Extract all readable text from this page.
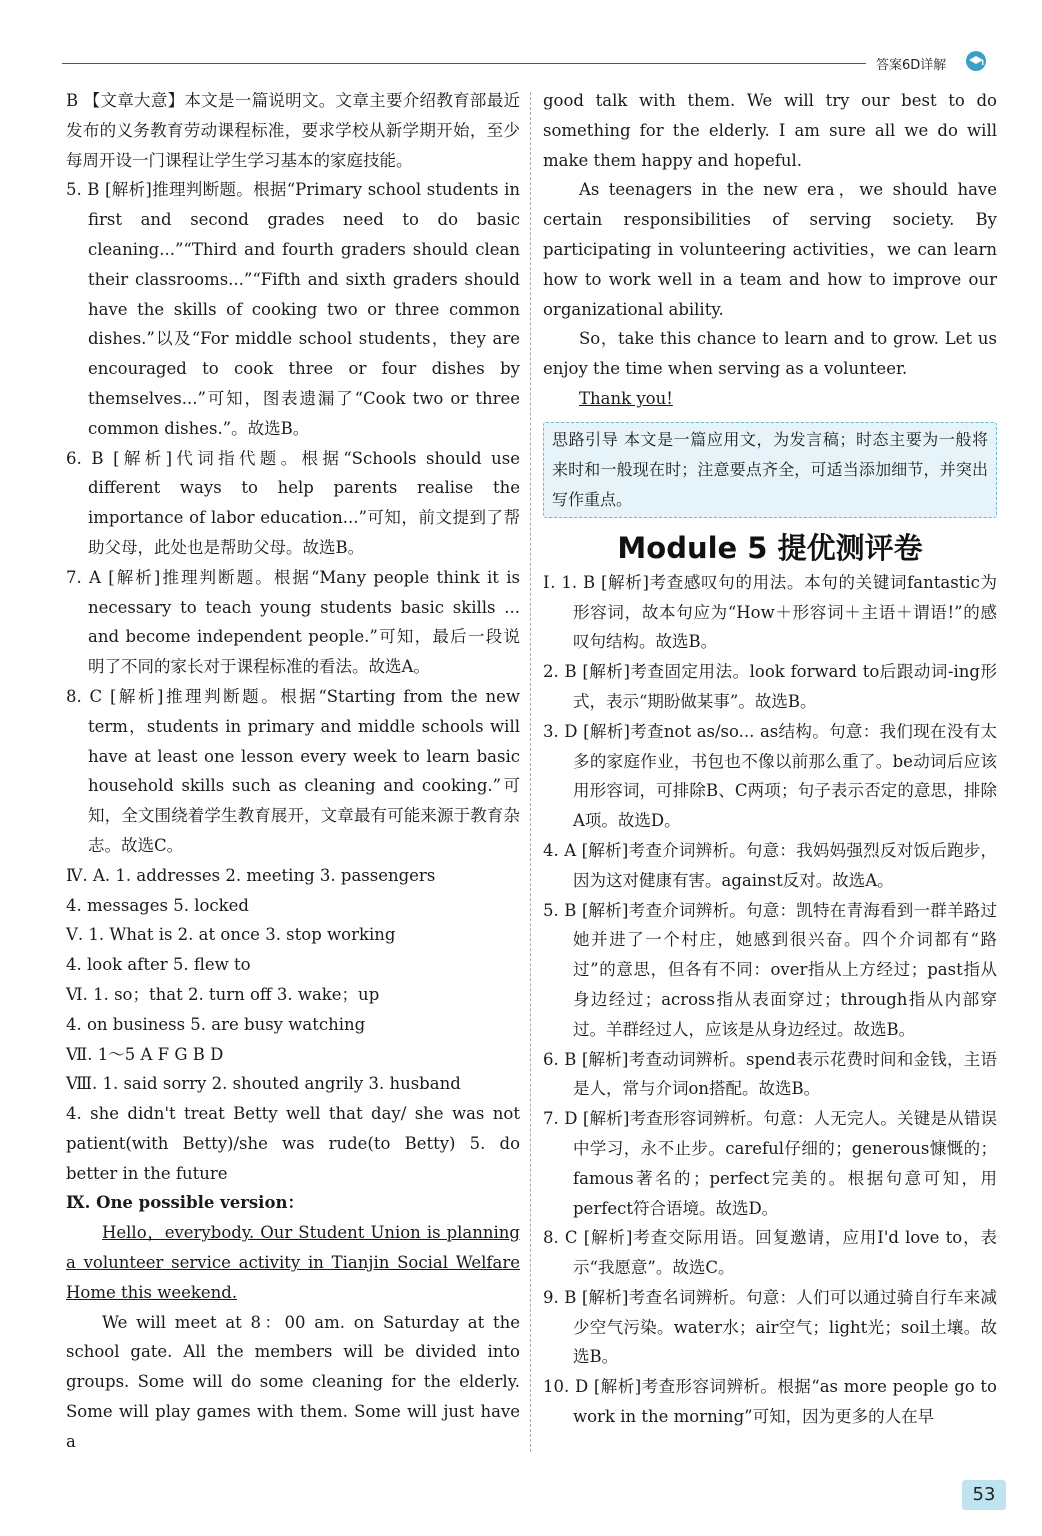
答案6D详解

B 【文章大意】本文是一篇说明文。文章主要介绍教育部最近发布的义务教育劳动课程标准，要求学校从新学期开始，至少每周开设一门课程让学生学习基本的家庭技能。

5. B [解析]推理判断题。根据“Primary school students in first and second grades need to do basic cleaning...”“Third and fourth graders should clean their classrooms...”“Fifth and sixth graders should have the skills of cooking two or three common dishes.”以及“For middle school students，they are encouraged to cook three or four dishes by themselves...”可知，图表遗漏了“Cook two or three common dishes.”。故选B。

6. B [解析]代词指代题。根据“Schools should use different ways to help parents realise the importance of labor education...”可知，前文提到了帮助父母，此处也是帮助父母。故选B。

7. A [解析]推理判断题。根据“Many people think it is necessary to teach young students basic skills ... and become independent people.”可知，最后一段说明了不同的家长对于课程标准的看法。故选A。

8. C [解析]推理判断题。根据“Starting from the new term，students in primary and middle schools will have at least one lesson every week to learn basic household skills such as cleaning and cooking.”可知，全文围绕着学生教育展开，文章最有可能来源于教育杂志。故选C。

Ⅳ. A. 1. addresses 2. meeting 3. passengers

4. messages 5. locked

Ⅴ. 1. What is 2. at once 3. stop working

4. look after 5. flew to

Ⅵ. 1. so；that 2. turn off 3. wake；up

4. on business 5. are busy watching

Ⅶ. 1～5 A F G B D

Ⅷ. 1. said sorry 2. shouted angrily 3. husband

4. she didn't treat Betty well that day/ she was not patient(with Betty)/she was rude(to Betty) 5. do better in the future

Ⅸ. One possible version：

Hello，everybody. Our Student Union is planning a volunteer service activity in Tianjin Social Welfare Home this weekend.

We will meet at 8：00 am. on Saturday at the school gate. All the members will be divided into groups. Some will do some cleaning for the elderly. Some will play games with them. Some will just have a

good talk with them. We will try our best to do something for the elderly. I am sure all we do will make them happy and hopeful.

As teenagers in the new era，we should have certain responsibilities of serving society. By participating in volunteering activities，we can learn how to work well in a team and how to improve our organizational ability.

So，take this chance to learn and to grow. Let us enjoy the time when serving as a volunteer.

Thank you!

思路引导 本文是一篇应用文，为发言稿；时态主要为一般将来时和一般现在时；注意要点齐全，可适当添加细节，并突出写作重点。
Module 5 提优测评卷

Ⅰ. 1. B [解析]考查感叹句的用法。本句的关键词fantastic为形容词，故本句应为“How＋形容词＋主语＋谓语!”的感叹句结构。故选B。

2. B [解析]考查固定用法。look forward to后跟动词-ing形式，表示“期盼做某事”。故选B。

3. D [解析]考查not as/so... as结构。句意：我们现在没有太多的家庭作业，书包也不像以前那么重了。be动词后应该用形容词，可排除B、C两项；句子表示否定的意思，排除A项。故选D。

4. A [解析]考查介词辨析。句意：我妈妈强烈反对饭后跑步，因为这对健康有害。against反对。故选A。

5. B [解析]考查介词辨析。句意：凯特在青海看到一群羊路过她并进了一个村庄，她感到很兴奋。四个介词都有“路过”的意思，但各有不同：over指从上方经过；past指从身边经过；across指从表面穿过；through指从内部穿过。羊群经过人，应该是从身边经过。故选B。

6. B [解析]考查动词辨析。spend表示花费时间和金钱，主语是人，常与介词on搭配。故选B。

7. D [解析]考查形容词辨析。句意：人无完人。关键是从错误中学习，永不止步。careful仔细的；generous慷慨的；famous著名的；perfect完美的。根据句意可知，用perfect符合语境。故选D。

8. C [解析]考查交际用语。回复邀请，应用I'd love to，表示“我愿意”。故选C。

9. B [解析]考查名词辨析。句意：人们可以通过骑自行车来减少空气污染。water水；air空气；light光；soil土壤。故选B。

10. D [解析]考查形容词辨析。根据“as more people go to work in the morning”可知，因为更多的人在早

53
